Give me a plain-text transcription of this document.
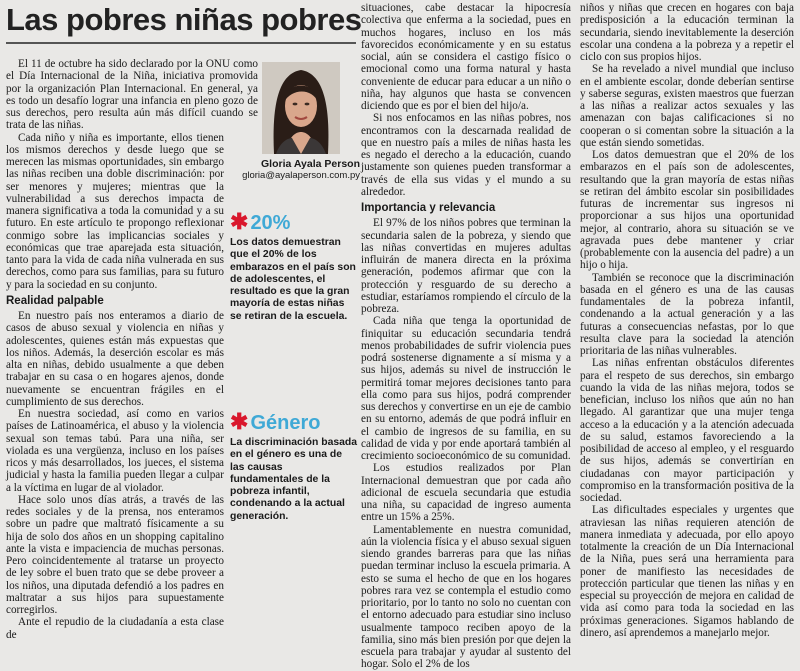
Las pobres niñas pobres
Gloria Ayala Person
gloria@ayalaperson.com.py
✱ 20%
Los datos demuestran que el 20% de los embarazos en el país son de adolescentes, el resultado es que la gran mayoría de estas niñas se retiran de la escuela.
✱ Género
La discriminación basada en el género es una de las causas fundamentales de la pobreza infantil, condenando a la actual generación.

El 11 de octubre ha sido declarado por la ONU como el Día Internacional de la Niña, iniciativa promovida por la organización Plan Internacional. En general, ya es todo un desafío lograr una infancia en pleno gozo de sus derechos, pero resulta aún más difícil cuando se trata de las niñas.

Cada niño y niña es importante, ellos tienen los mismos derechos y desde luego que se merecen las mismas oportunidades, sin embargo las niñas reciben una doble discriminación: por ser menores y mujeres; mientras que la vulnerabilidad a sus derechos impacta de manera significativa a toda la comunidad y a su futuro. En este artículo te propongo reflexionar conmigo sobre las implicancias sociales y económicas que trae aparejada esta situación, tanto para la vida de cada niña vulnerada en sus derechos, como para sus familias, para su futuro y para la sociedad en su conjunto.

Realidad palpable

En nuestro país nos enteramos a diario de casos de abuso sexual y violencia en niñas y adolescentes, quienes están más expuestas que los niños. Además, la deserción escolar es más alta en niñas, debido usualmente a que deben trabajar en su casa o en hogares ajenos, donde nuevamente se encuentran frágiles en el cumplimiento de sus derechos.

En nuestra sociedad, así como en varios países de Latinoamérica, el abuso y la violencia sexual son temas tabú. Para una niña, ser violada es una vergüenza, incluso en los países ricos y más desarrollados, los jueces, el sistema judicial y hasta la familia pueden llegar a culpar a la víctima en lugar de al violador.

Hace solo unos días atrás, a través de las redes sociales y de la prensa, nos enteramos sobre un padre que maltrató físicamente a su hija de solo dos años en un shopping capitalino ante la vista e impaciencia de muchas personas. Pero coincidentemente al tratarse un proyecto de ley sobre el buen trato que se debe proveer a los niños, una diputada defendió a los padres en maltratar a sus hijos para supuestamente corregirlos.

Ante el repudio de la ciudadanía a esta clase de

situaciones, cabe destacar la hipocresía colectiva que enferma a la sociedad, pues en muchos hogares, incluso en los más favorecidos económicamente y en su estatus social, aún se considera el castigo físico o emocional como una forma natural y hasta conveniente de educar para educar a un niño o niña, hay algunos que hasta se convencen diciendo que es por el bien del hijo/a.

Si nos enfocamos en las niñas pobres, nos encontramos con la descarnada realidad de que en nuestro país a miles de niñas hasta les es negado el derecho a la educación, cuando justamente son quienes pueden transformar a través de ella sus vidas y el mundo a su alrededor.

Importancia y relevancia

El 97% de los niños pobres que terminan la secundaria salen de la pobreza, y siendo que las niñas convertidas en mujeres adultas influirán de manera directa en la próxima generación, podemos afirmar que con la protección y resguardo de su derecho a estudiar, estaríamos rompiendo el círculo de la pobreza.

Cada niña que tenga la oportunidad de finiquitar su educación secundaria tendrá menos probabilidades de sufrir violencia pues podrá sostenerse dignamente a sí misma y a sus hijos, además su nivel de instrucción le permitirá tomar mejores decisiones tanto para ella como para sus hijos, podrá comprender sus derechos y convertirse en un eje de cambio en su entorno, además de que podrá influir en el cambio de ingresos de su familia, en su calidad de vida y por ende aportará también al crecimiento socioeconómico de su comunidad.

Los estudios realizados por Plan Internacional demuestran que por cada año adicional de escuela secundaria que estudia una niña, su capacidad de ingreso aumenta entre un 15% a 25%.

Lamentablemente en nuestra comunidad, aún la violencia física y el abuso sexual siguen siendo grandes barreras para que las niñas puedan terminar incluso la escuela primaria. A esto se suma el hecho de que en los hogares pobres rara vez se contempla el estudio como prioritario, por lo tanto no solo no cuentan con el entorno adecuado para estudiar sino incluso usualmente tampoco reciben apoyo de la familia, sino más bien presión por que dejen la escuela para trabajar y ayudar al sustento del hogar. Solo el 2% de los

niños y niñas que crecen en hogares con baja predisposición a la educación terminan la secundaria, siendo inevitablemente la deserción escolar una condena a la pobreza y a repetir el ciclo con sus propios hijos.

Se ha revelado a nivel mundial que incluso en el ambiente escolar, donde deberían sentirse y saberse seguras, existen maestros que fuerzan a las niñas a realizar actos sexuales y las amenazan con bajas calificaciones si no cooperan o si comentan sobre la situación a la que están siendo sometidas.

Los datos demuestran que el 20% de los embarazos en el país son de adolescentes, resultando que la gran mayoría de estas niñas se retiran del ámbito escolar sin posibilidades futuras de incrementar sus ingresos ni proporcionar a sus hijos una oportunidad mejor, al contrario, ahora su situación se ve agravada pues debe mantener y criar (probablemente con la ausencia del padre) a un hijo o hija.

También se reconoce que la discriminación basada en el género es una de las causas fundamentales de la pobreza infantil, condenando a la actual generación y a las futuras a consecuencias nefastas, por lo que resulta clave para la sociedad la atención prioritaria de las niñas vulnerables.

Las niñas enfrentan obstáculos diferentes para el respeto de sus derechos, sin embargo cuando la vida de las niñas mejora, todos se benefician, incluso los niños que aún no han llegado. Al garantizar que una mujer tenga acceso a la educación y a la atención adecuada de su salud, estamos favoreciendo a la posibilidad de acceso al empleo, y el resguardo de sus hijos, además se convertirían en ciudadanas con mayor participación y compromiso en la transformación positiva de la sociedad.

Las dificultades especiales y urgentes que atraviesan las niñas requieren atención de manera inmediata y adecuada, por ello apoyo totalmente la creación de un Día Internacional de la Niña, pues será una herramienta para poner de manifiesto las necesidades de protección particular que tienen las niñas y en especial su proyección de mejora en calidad de vida así como para toda la sociedad en las próximas generaciones. Sigamos hablando de dinero, así aprendemos a manejarlo mejor.
